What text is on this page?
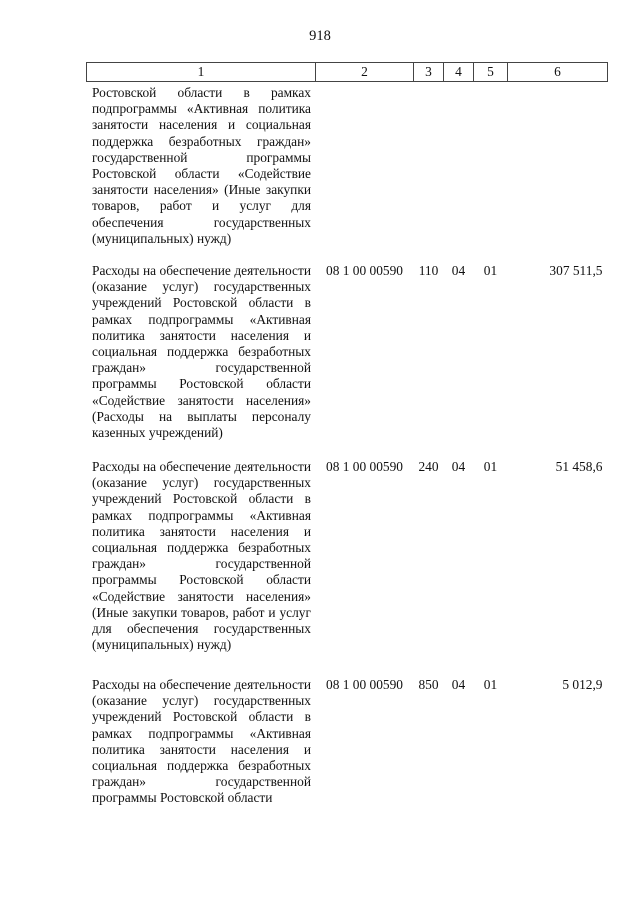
918
1	2	3	4	5	6
Ростовской области в рамках подпрограммы «Активная политика занятости населения и социальная поддержка безработных граждан» государственной программы Ростовской области «Содействие занятости населения» (Иные закупки товаров, работ и услуг для обеспечения государственных (муниципальных) нужд)					
Расходы на обеспечение деятельности (оказание услуг) государственных учреждений Ростовской области в рамках подпрограммы «Активная политика занятости населения и социальная поддержка безработных граждан» государственной программы Ростовской области «Содействие занятости населения» (Расходы на выплаты персоналу казенных учреждений)	08 1 00 00590	110	04	01	307 511,5
Расходы на обеспечение деятельности (оказание услуг) государственных учреждений Ростовской области в рамках подпрограммы «Активная политика занятости населения и социальная поддержка безработных граждан» государственной программы Ростовской области «Содействие занятости населения» (Иные закупки товаров, работ и услуг для обеспечения государственных (муниципальных) нужд)	08 1 00 00590	240	04	01	51 458,6
Расходы на обеспечение деятельности (оказание услуг) государственных учреждений Ростовской области в рамках подпрограммы «Активная политика занятости населения и социальная поддержка безработных граждан» государственной программы Ростовской области	08 1 00 00590	850	04	01	5 012,9
